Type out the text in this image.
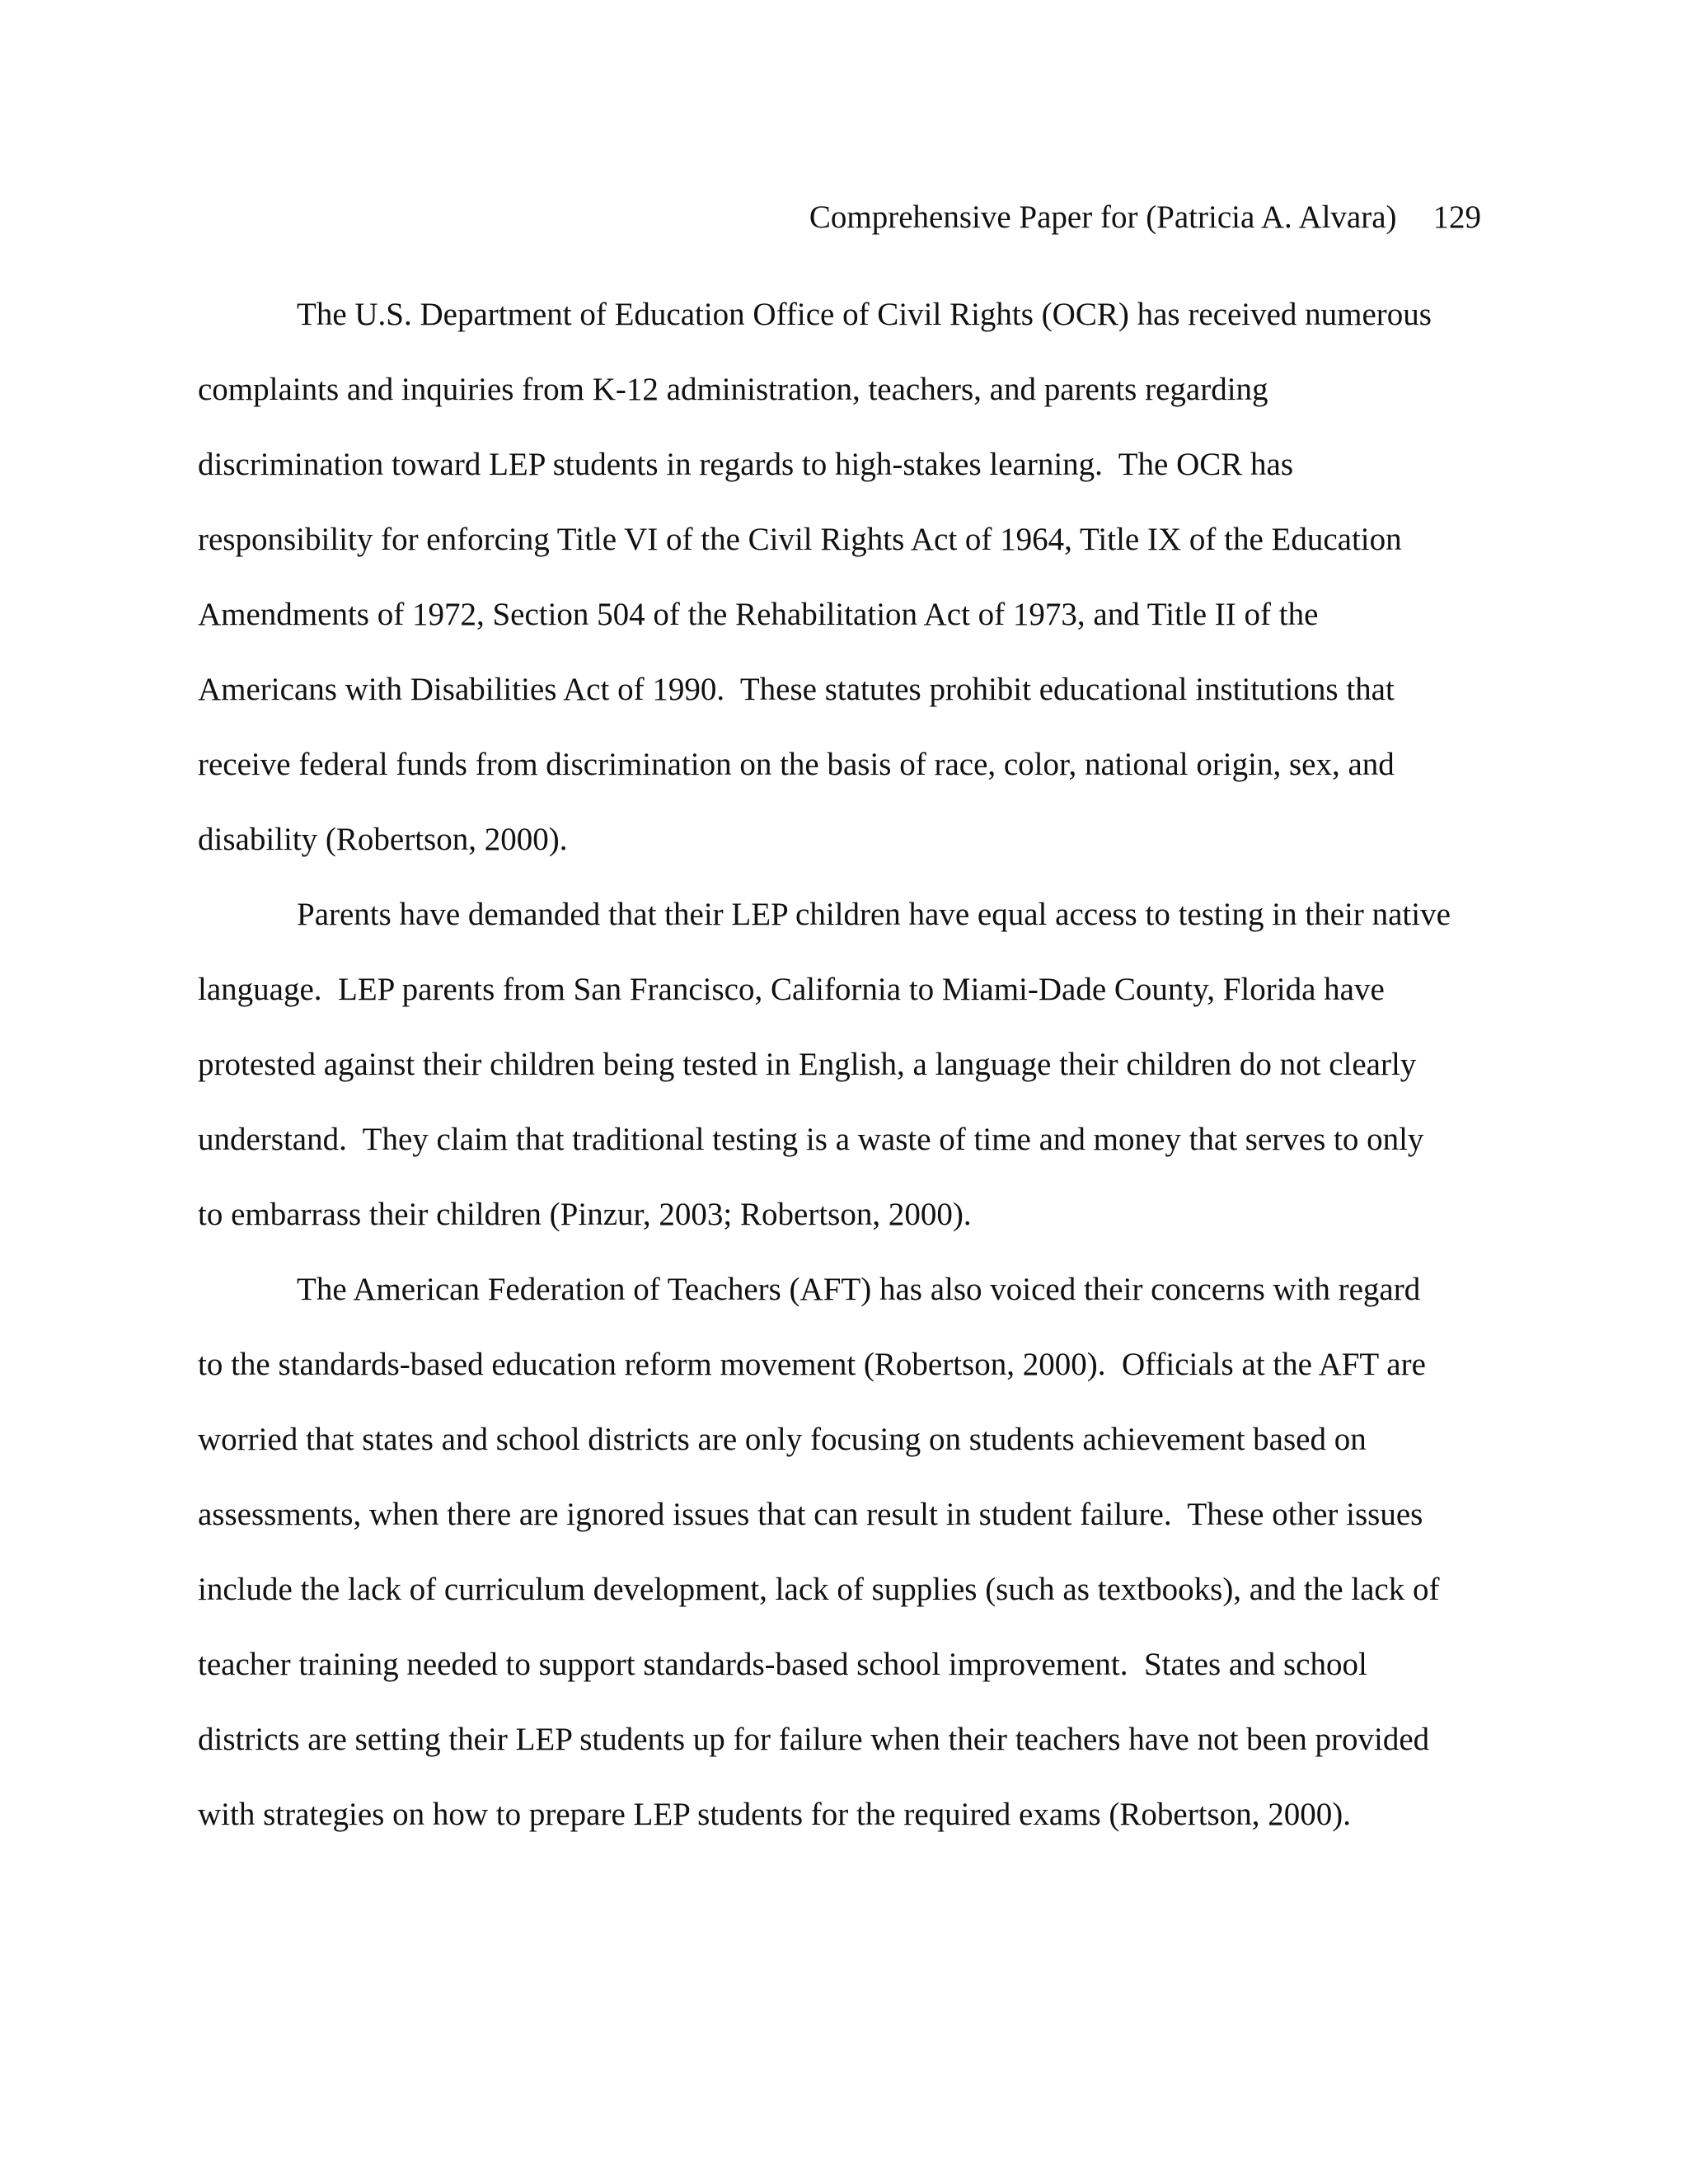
Comprehensive Paper for (Patricia A. Alvara) 129
The U.S. Department of Education Office of Civil Rights (OCR) has received numerous
complaints and inquiries from K-12 administration, teachers, and parents regarding
discrimination toward LEP students in regards to high-stakes learning.  The OCR has
responsibility for enforcing Title VI of the Civil Rights Act of 1964, Title IX of the Education
Amendments of 1972, Section 504 of the Rehabilitation Act of 1973, and Title II of the
Americans with Disabilities Act of 1990.  These statutes prohibit educational institutions that
receive federal funds from discrimination on the basis of race, color, national origin, sex, and
disability (Robertson, 2000).
Parents have demanded that their LEP children have equal access to testing in their native
language.  LEP parents from San Francisco, California to Miami-Dade County, Florida have
protested against their children being tested in English, a language their children do not clearly
understand.  They claim that traditional testing is a waste of time and money that serves to only
to embarrass their children (Pinzur, 2003; Robertson, 2000).
The American Federation of Teachers (AFT) has also voiced their concerns with regard
to the standards-based education reform movement (Robertson, 2000).  Officials at the AFT are
worried that states and school districts are only focusing on students achievement based on
assessments, when there are ignored issues that can result in student failure.  These other issues
include the lack of curriculum development, lack of supplies (such as textbooks), and the lack of
teacher training needed to support standards-based school improvement.  States and school
districts are setting their LEP students up for failure when their teachers have not been provided
with strategies on how to prepare LEP students for the required exams (Robertson, 2000).
